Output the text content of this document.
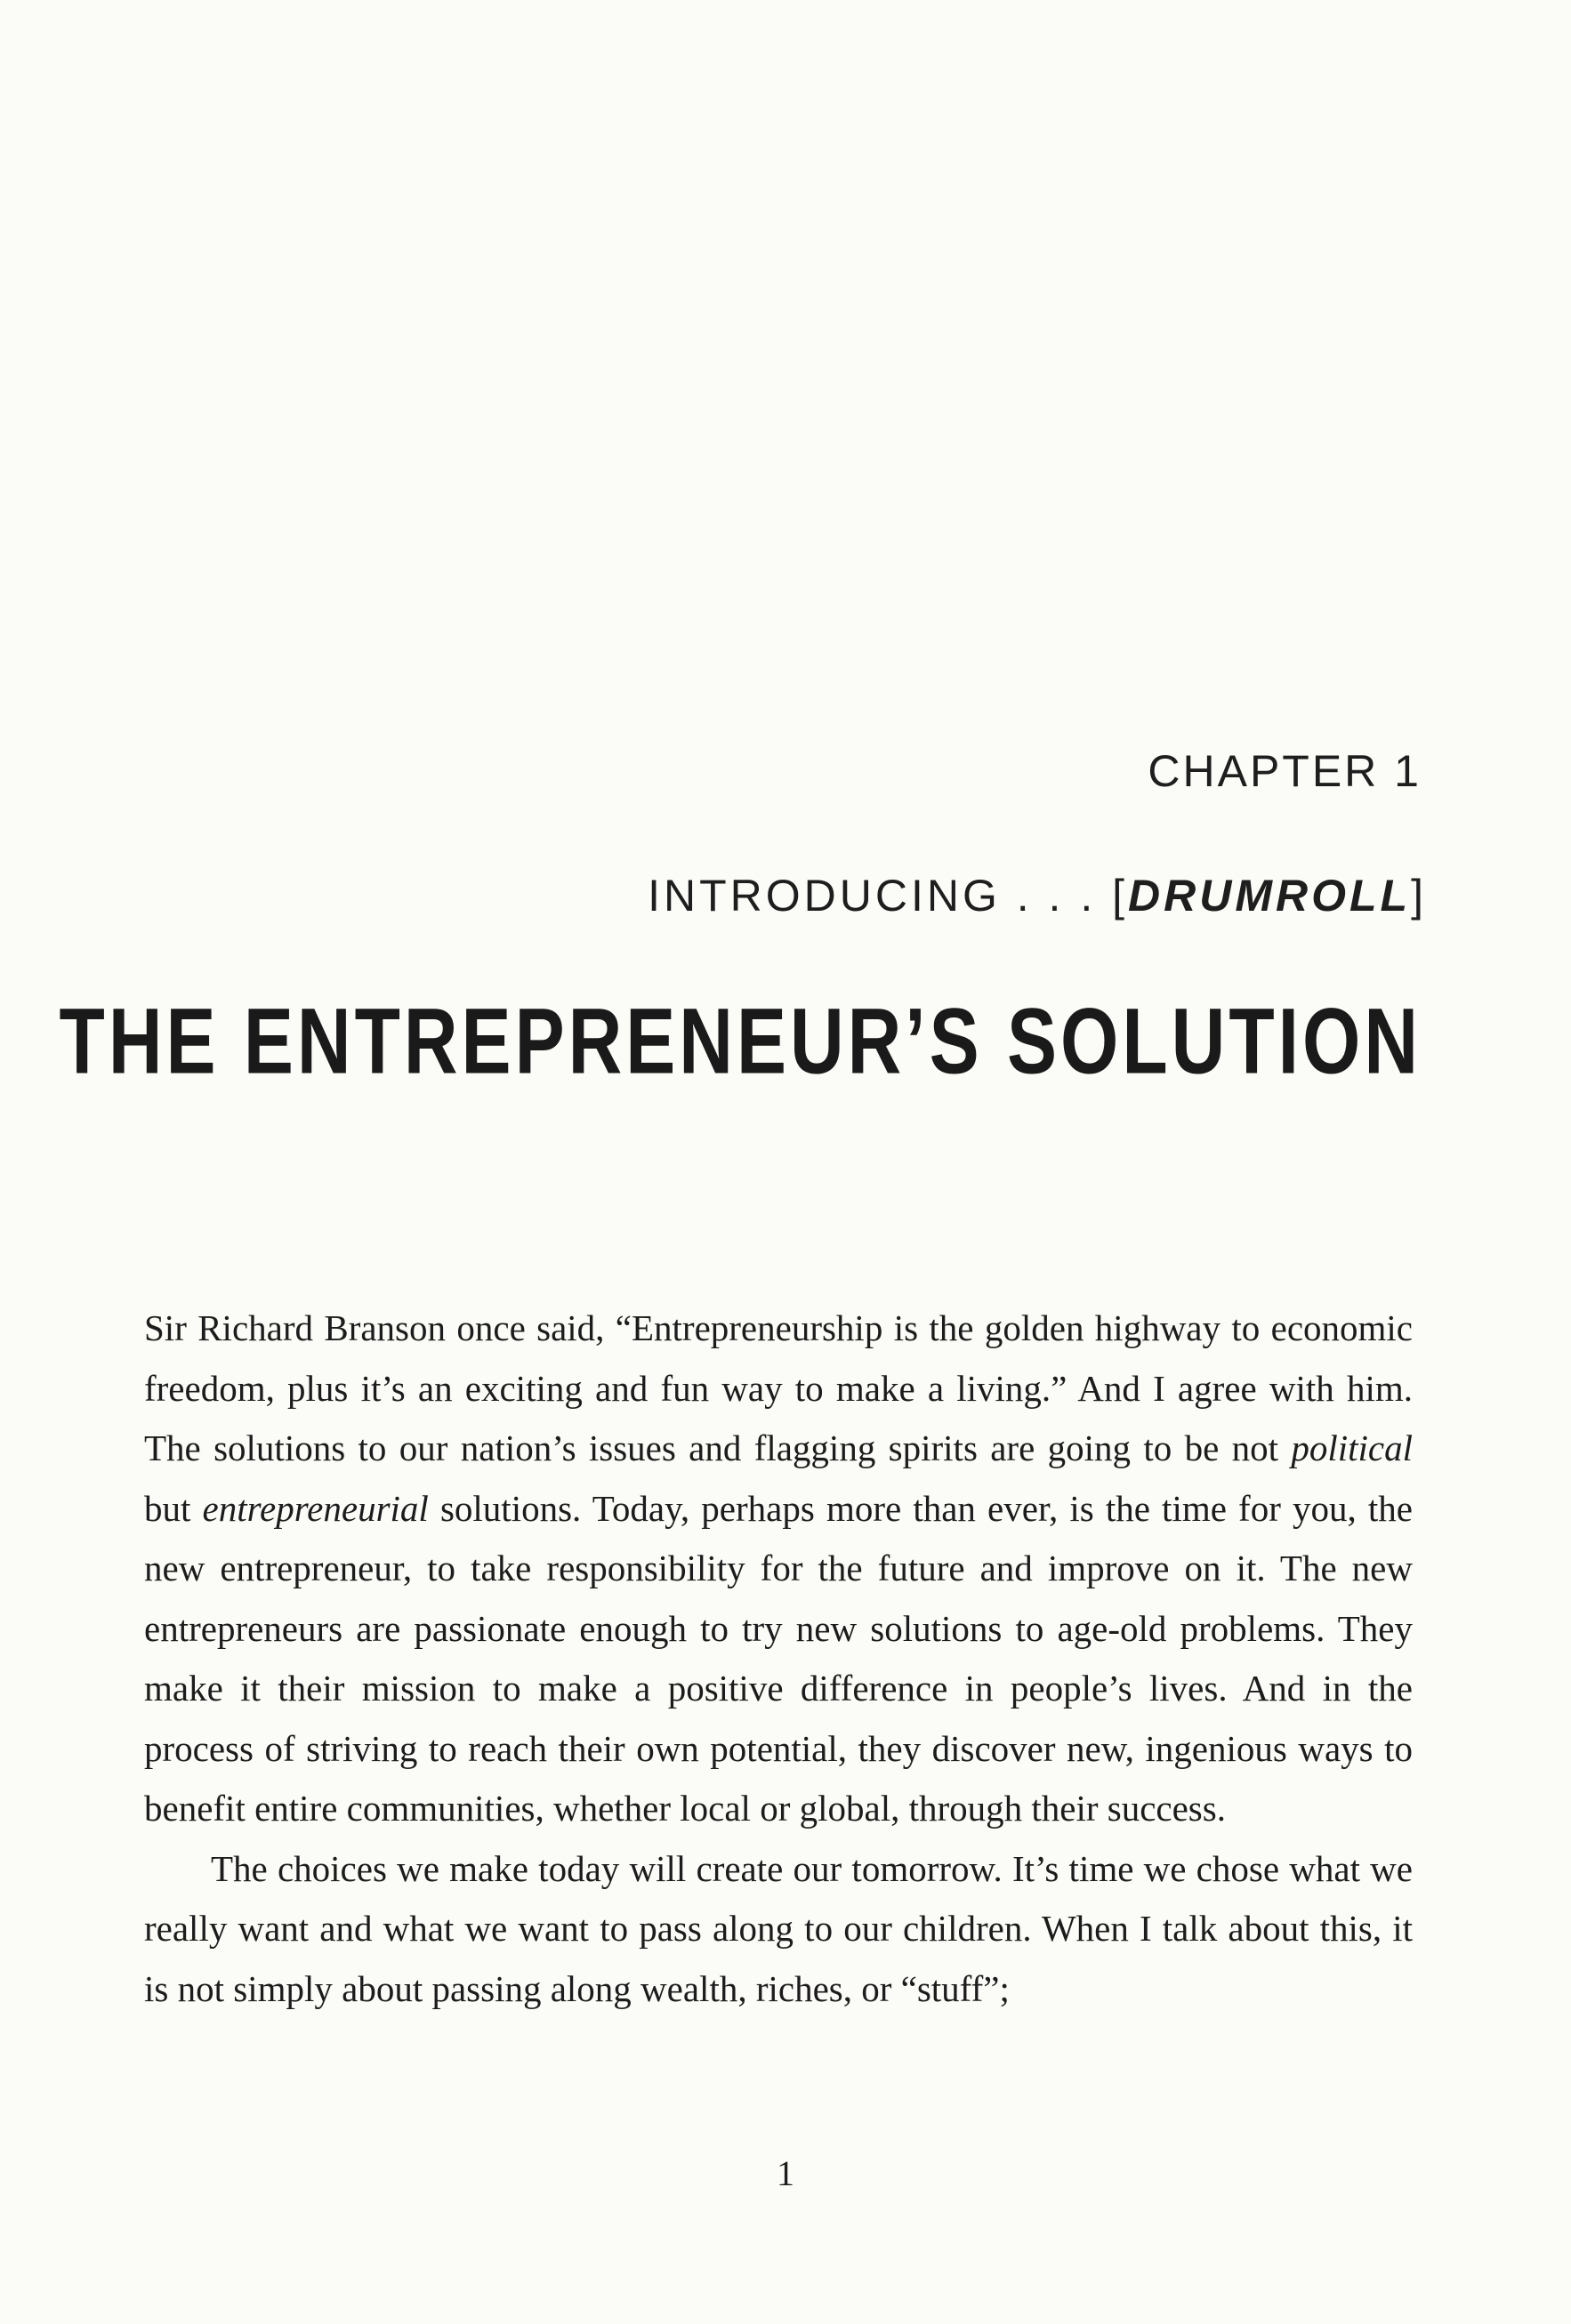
CHAPTER 1
INTRODUCING . . . [DRUMROLL]
THE ENTREPRENEUR’S SOLUTION

Sir Richard Branson once said, “Entrepreneurship is the golden highway to economic freedom, plus it’s an exciting and fun way to make a living.” And I agree with him. The solutions to our nation’s issues and flagging spirits are going to be not political but entrepreneurial solutions. Today, perhaps more than ever, is the time for you, the new entrepreneur, to take responsibility for the future and improve on it. The new entrepreneurs are passionate enough to try new solutions to age-old problems. They make it their mission to make a positive difference in people’s lives. And in the process of striving to reach their own potential, they discover new, ingenious ways to benefit entire communities, whether local or global, through their success.

The choices we make today will create our tomorrow. It’s time we chose what we really want and what we want to pass along to our children. When I talk about this, it is not simply about passing along wealth, riches, or “stuff”;

1
